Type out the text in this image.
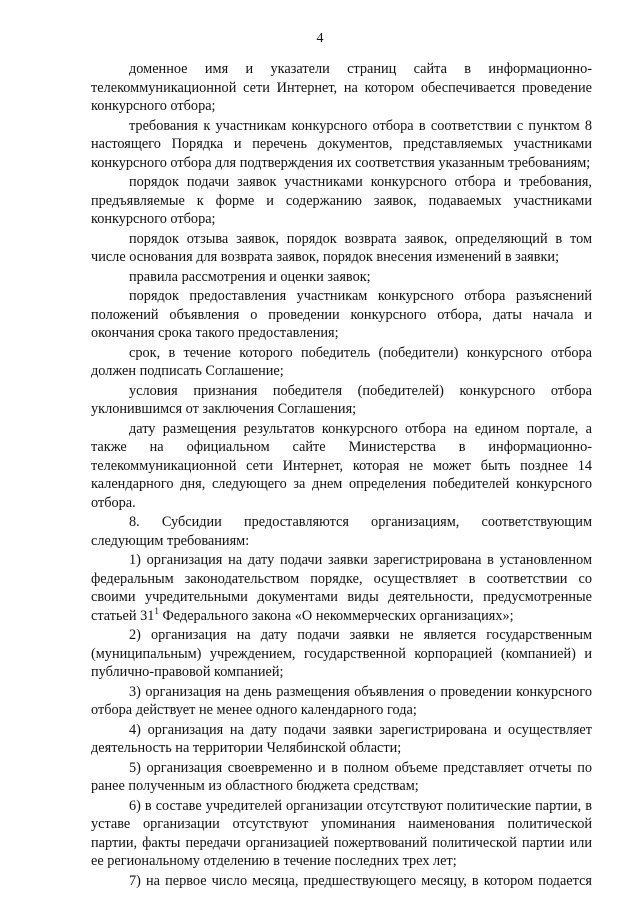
4

доменное имя и указатели страниц сайта в информационно-телекоммуникационной сети Интернет, на котором обеспечивается проведение конкурсного отбора;

требования к участникам конкурсного отбора в соответствии с пунктом 8 настоящего Порядка и перечень документов, представляемых участниками конкурсного отбора для подтверждения их соответствия указанным требованиям;

порядок подачи заявок участниками конкурсного отбора и требования, предъявляемые к форме и содержанию заявок, подаваемых участниками конкурсного отбора;

порядок отзыва заявок, порядок возврата заявок, определяющий в том числе основания для возврата заявок, порядок внесения изменений в заявки;

правила рассмотрения и оценки заявок;

порядок предоставления участникам конкурсного отбора разъяснений положений объявления о проведении конкурсного отбора, даты начала и окончания срока такого предоставления;

срок, в течение которого победитель (победители) конкурсного отбора должен подписать Соглашение;

условия признания победителя (победителей) конкурсного отбора уклонившимся от заключения Соглашения;

дату размещения результатов конкурсного отбора на едином портале, а также на официальном сайте Министерства в информационно-телекоммуникационной сети Интернет, которая не может быть позднее 14 календарного дня, следующего за днем определения победителей конкурсного отбора.

8. Субсидии предоставляются организациям, соответствующим следующим требованиям:

1) организация на дату подачи заявки зарегистрирована в установленном федеральным законодательством порядке, осуществляет в соответствии со своими учредительными документами виды деятельности, предусмотренные статьей $31^1$ Федерального закона «О некоммерческих организациях»;

2) организация на дату подачи заявки не является государственным (муниципальным) учреждением, государственной корпорацией (компанией) и публично-правовой компанией;

3) организация на день размещения объявления о проведении конкурсного отбора действует не менее одного календарного года;

4) организация на дату подачи заявки зарегистрирована и осуществляет деятельность на территории Челябинской области;

5) организация своевременно и в полном объеме представляет отчеты по ранее полученным из областного бюджета средствам;

6) в составе учредителей организации отсутствуют политические партии, в уставе организации отсутствуют упоминания наименования политической партии, факты передачи организацией пожертвований политической партии или ее региональному отделению в течение последних трех лет;

7) на первое число месяца, предшествующего месяцу, в котором подается
